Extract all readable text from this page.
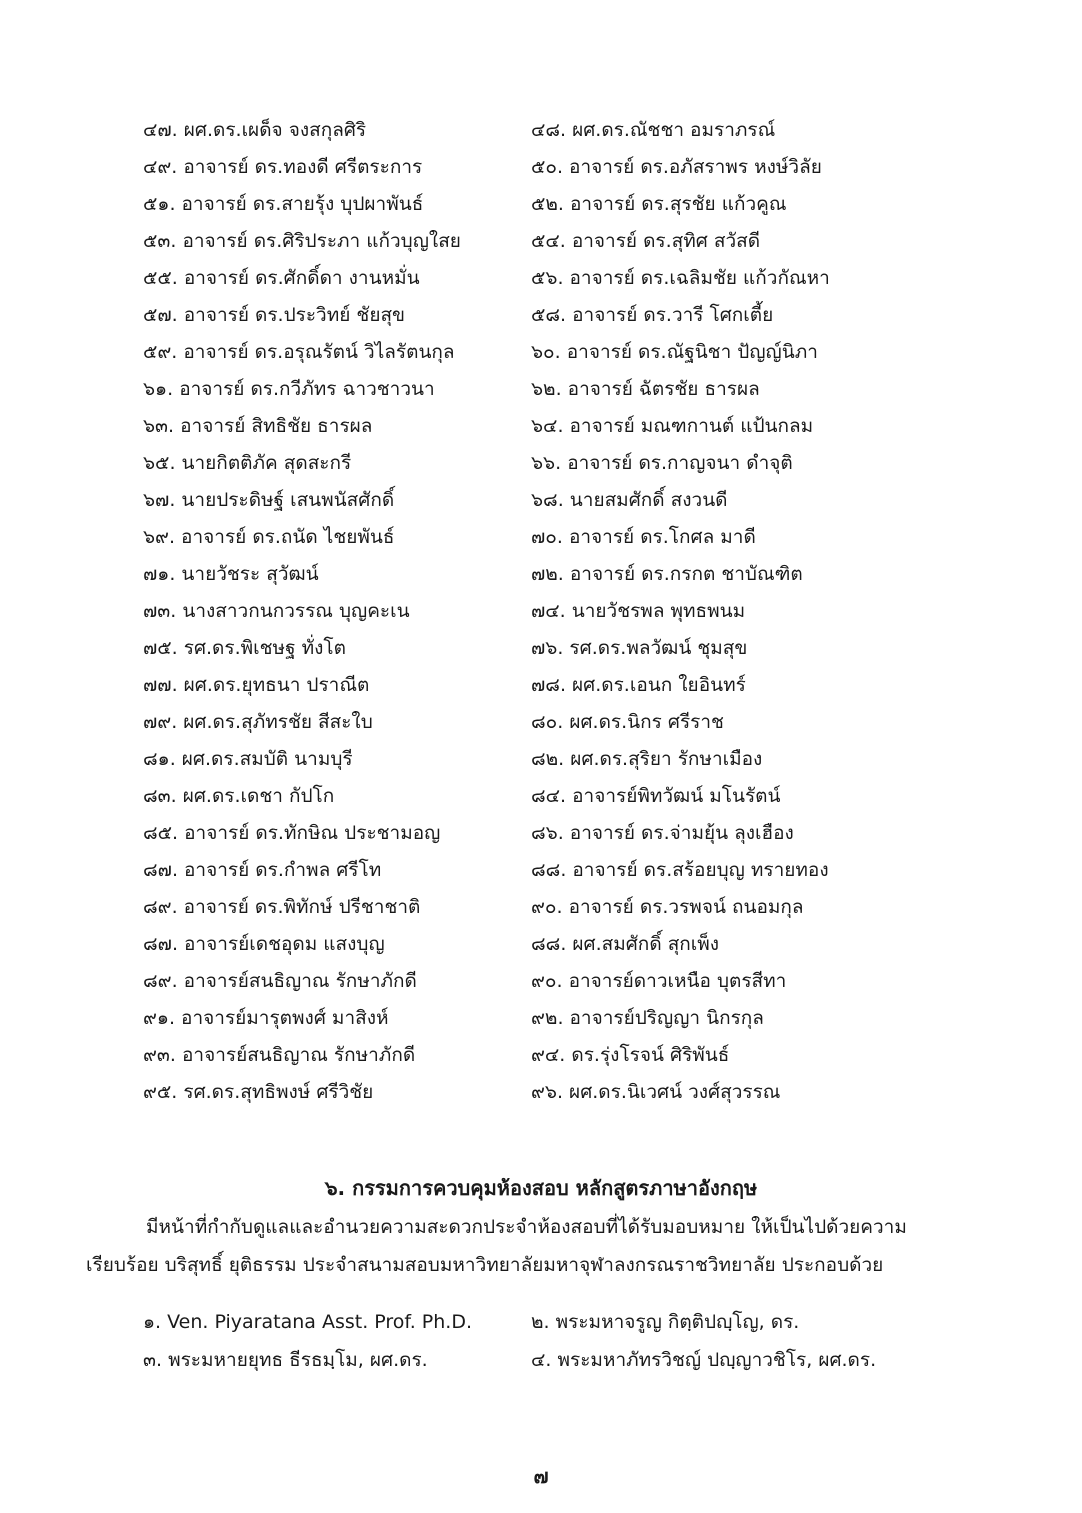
๔๗. ผศ.ดร.เผด็จ จงสกุลศิริ	๔๘. ผศ.ดร.ณัชชา อมราภรณ์
๔๙. อาจารย์ ดร.ทองดี ศรีตระการ	๕๐. อาจารย์ ดร.อภัสราพร หงษ์วิลัย
๕๑. อาจารย์ ดร.สายรุ้ง บุปผาพันธ์	๕๒. อาจารย์ ดร.สุรชัย แก้วคูณ
๕๓. อาจารย์ ดร.ศิริประภา แก้วบุญใสย	๕๔. อาจารย์ ดร.สุทิศ สวัสดี
๕๕. อาจารย์ ดร.ศักดิ์ดา งานหมั่น	๕๖. อาจารย์ ดร.เฉลิมชัย แก้วกัณหา
๕๗. อาจารย์ ดร.ประวิทย์ ชัยสุข	๕๘. อาจารย์ ดร.วารี โศกเตี้ย
๕๙. อาจารย์ ดร.อรุณรัตน์ วิไลรัตนกุล	๖๐. อาจารย์ ดร.ณัฐนิชา ปัญญ์นิภา
๖๑. อาจารย์ ดร.กวีภัทร ฉาวชาวนา	๖๒. อาจารย์ ฉัตรชัย ธารผล
๖๓. อาจารย์ สิทธิชัย ธารผล	๖๔. อาจารย์ มณฑกานต์ แป้นกลม
๖๕. นายกิตติภัค สุดสะกรี	๖๖. อาจารย์ ดร.กาญจนา ดำจุติ
๖๗. นายประดิษฐ์ เสนพนัสศักดิ์	๖๘. นายสมศักดิ์ สงวนดี
๖๙. อาจารย์ ดร.ถนัด ไชยพันธ์	๗๐. อาจารย์ ดร.โกศล มาดี
๗๑. นายวัชระ สุวัฒน์	๗๒. อาจารย์ ดร.กรกต ชาบัณฑิต
๗๓. นางสาวกนกวรรณ บุญคะเน	๗๔. นายวัชรพล พุทธพนม
๗๕. รศ.ดร.พิเชษฐ ทั่งโต	๗๖. รศ.ดร.พลวัฒน์ ชุมสุข
๗๗. ผศ.ดร.ยุทธนา ปราณีต	๗๘. ผศ.ดร.เอนก ใยอินทร์
๗๙. ผศ.ดร.สุภัทรชัย สีสะใบ	๘๐. ผศ.ดร.นิกร ศรีราช
๘๑. ผศ.ดร.สมบัติ นามบุรี	๘๒. ผศ.ดร.สุริยา รักษาเมือง
๘๓. ผศ.ดร.เดชา กัปโก	๘๔. อาจารย์พิทวัฒน์ มโนรัตน์
๘๕. อาจารย์ ดร.ทักษิณ ประชามอญ	๘๖. อาจารย์ ดร.จ่ามยุ้น ลุงเฮือง
๘๗. อาจารย์ ดร.กำพล ศรีโท	๘๘. อาจารย์ ดร.สร้อยบุญ ทรายทอง
๘๙. อาจารย์ ดร.พิทักษ์ ปรีชาชาติ	๙๐. อาจารย์ ดร.วรพจน์ ถนอมกุล
๘๗. อาจารย์เดชอุดม แสงบุญ	๘๘. ผศ.สมศักดิ์ สุกเพ็ง
๘๙. อาจารย์สนธิญาณ รักษาภักดี	๙๐. อาจารย์ดาวเหนือ บุตรสีทา
๙๑. อาจารย์มารุตพงศ์ มาสิงห์	๙๒. อาจารย์ปริญญา นิกรกุล
๙๓. อาจารย์สนธิญาณ รักษาภักดี	๙๔. ดร.รุ่งโรจน์ ศิริพันธ์
๙๕. รศ.ดร.สุทธิพงษ์ ศรีวิชัย	๙๖. ผศ.ดร.นิเวศน์ วงศ์สุวรรณ
๖. กรรมการควบคุมห้องสอบ หลักสูตรภาษาอังกฤษ
มีหน้าที่กำกับดูแลและอำนวยความสะดวกประจำห้องสอบที่ได้รับมอบหมาย ให้เป็นไปด้วยความ
เรียบร้อย บริสุทธิ์ ยุติธรรม ประจำสนามสอบมหาวิทยาลัยมหาจุฬาลงกรณราชวิทยาลัย ประกอบด้วย
๑. Ven. Piyaratana Asst. Prof. Ph.D.	๒. พระมหาจรูญ กิตฺติปญฺโญ, ดร.
๓. พระมหายยุทธ ธีรธมฺโม, ผศ.ดร.	๔. พระมหาภัทรวิชญ์ ปญฺญาวชิโร, ผศ.ดร.
๗
